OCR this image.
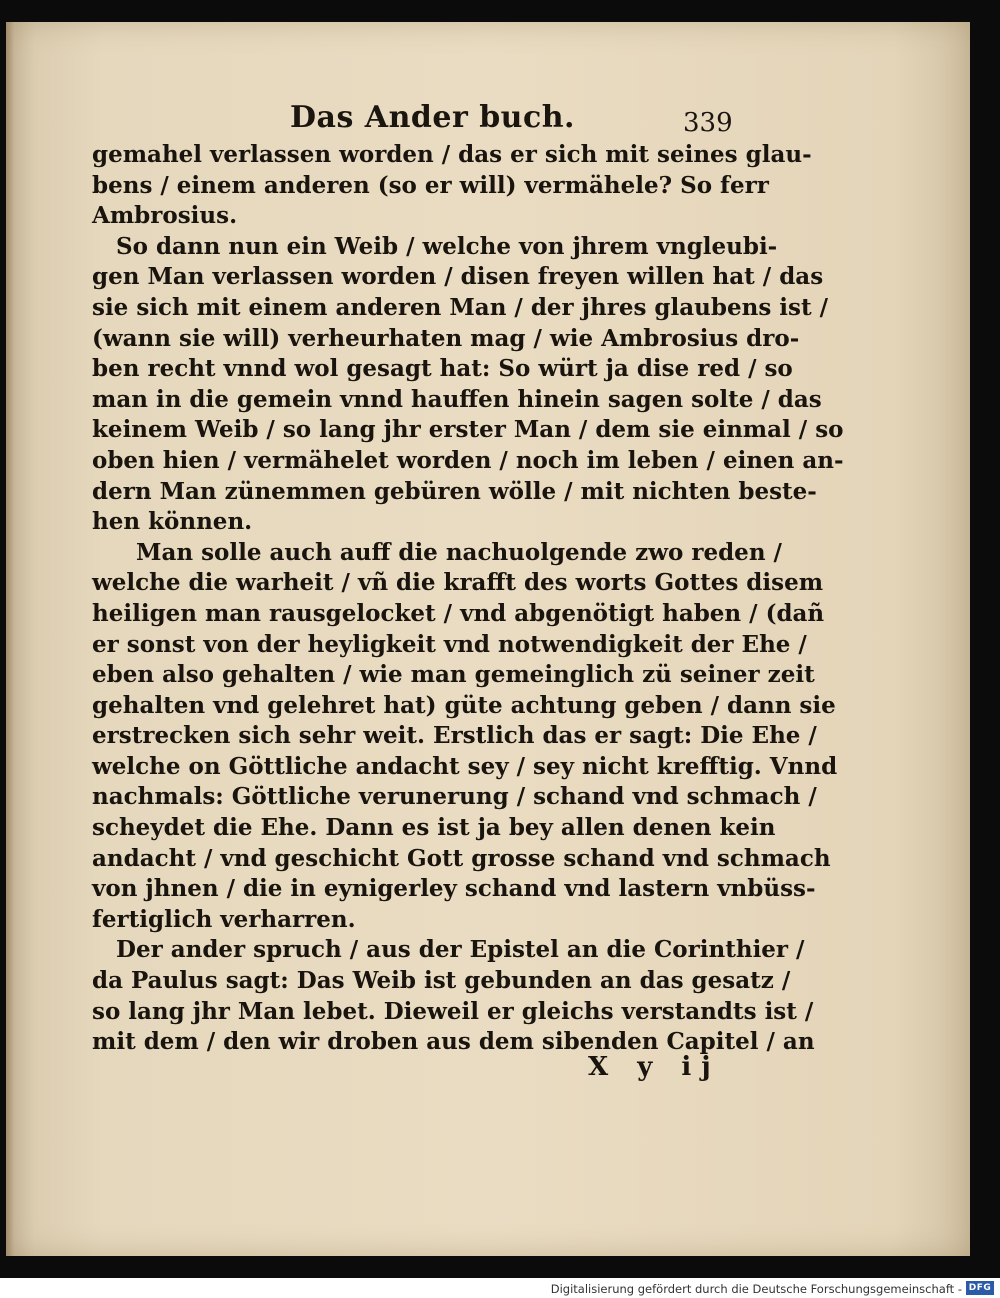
Das Ander buch.	339
gemahel verlassen worden / das er sich mit seines glau-
bens / einem anderen (so er will) vermähele? So ferr
Ambrosius.
So dann nun ein Weib / welche von jhrem vngleubi-
gen Man verlassen worden / disen freyen willen hat / das
sie sich mit einem anderen Man / der jhres glaubens ist /
(wann sie will) verheurhaten mag / wie Ambrosius dro-
ben recht vnnd wol gesagt hat: So würt ja dise red / so
man in die gemein vnnd hauffen hinein sagen solte / das
keinem Weib / so lang jhr erster Man / dem sie einmal / so
oben hien / vermähelet worden / noch im leben / einen an-
dern Man zünemmen gebüren wölle / mit nichten beste-
hen können.
Man solle auch auff die nachuolgende zwo reden /
welche die warheit / vñ die krafft des worts Gottes disem
heiligen man rausgelocket / vnd abgenötigt haben / (dañ
er sonst von der heyligkeit vnd notwendigkeit der Ehe /
eben also gehalten / wie man gemeinglich zü seiner zeit
gehalten vnd gelehret hat) güte achtung geben / dann sie
erstrecken sich sehr weit. Erstlich das er sagt: Die Ehe /
welche on Göttliche andacht sey / sey nicht krefftig. Vnnd
nachmals: Göttliche verunerung / schand vnd schmach /
scheydet die Ehe. Dann es ist ja bey allen denen kein
andacht / vnd geschicht Gott grosse schand vnd schmach
von jhnen / die in eynigerley schand vnd lastern vnbüss-
fertiglich verharren.
Der ander spruch / aus der Epistel an die Corinthier /
da Paulus sagt: Das Weib ist gebunden an das gesatz /
so lang jhr Man lebet. Dieweil er gleichs verstandts ist /
mit dem / den wir droben aus dem sibenden Capitel / an
X y ij
Digitalisierung gefördert durch die Deutsche Forschungsgemeinschaft - DFG
